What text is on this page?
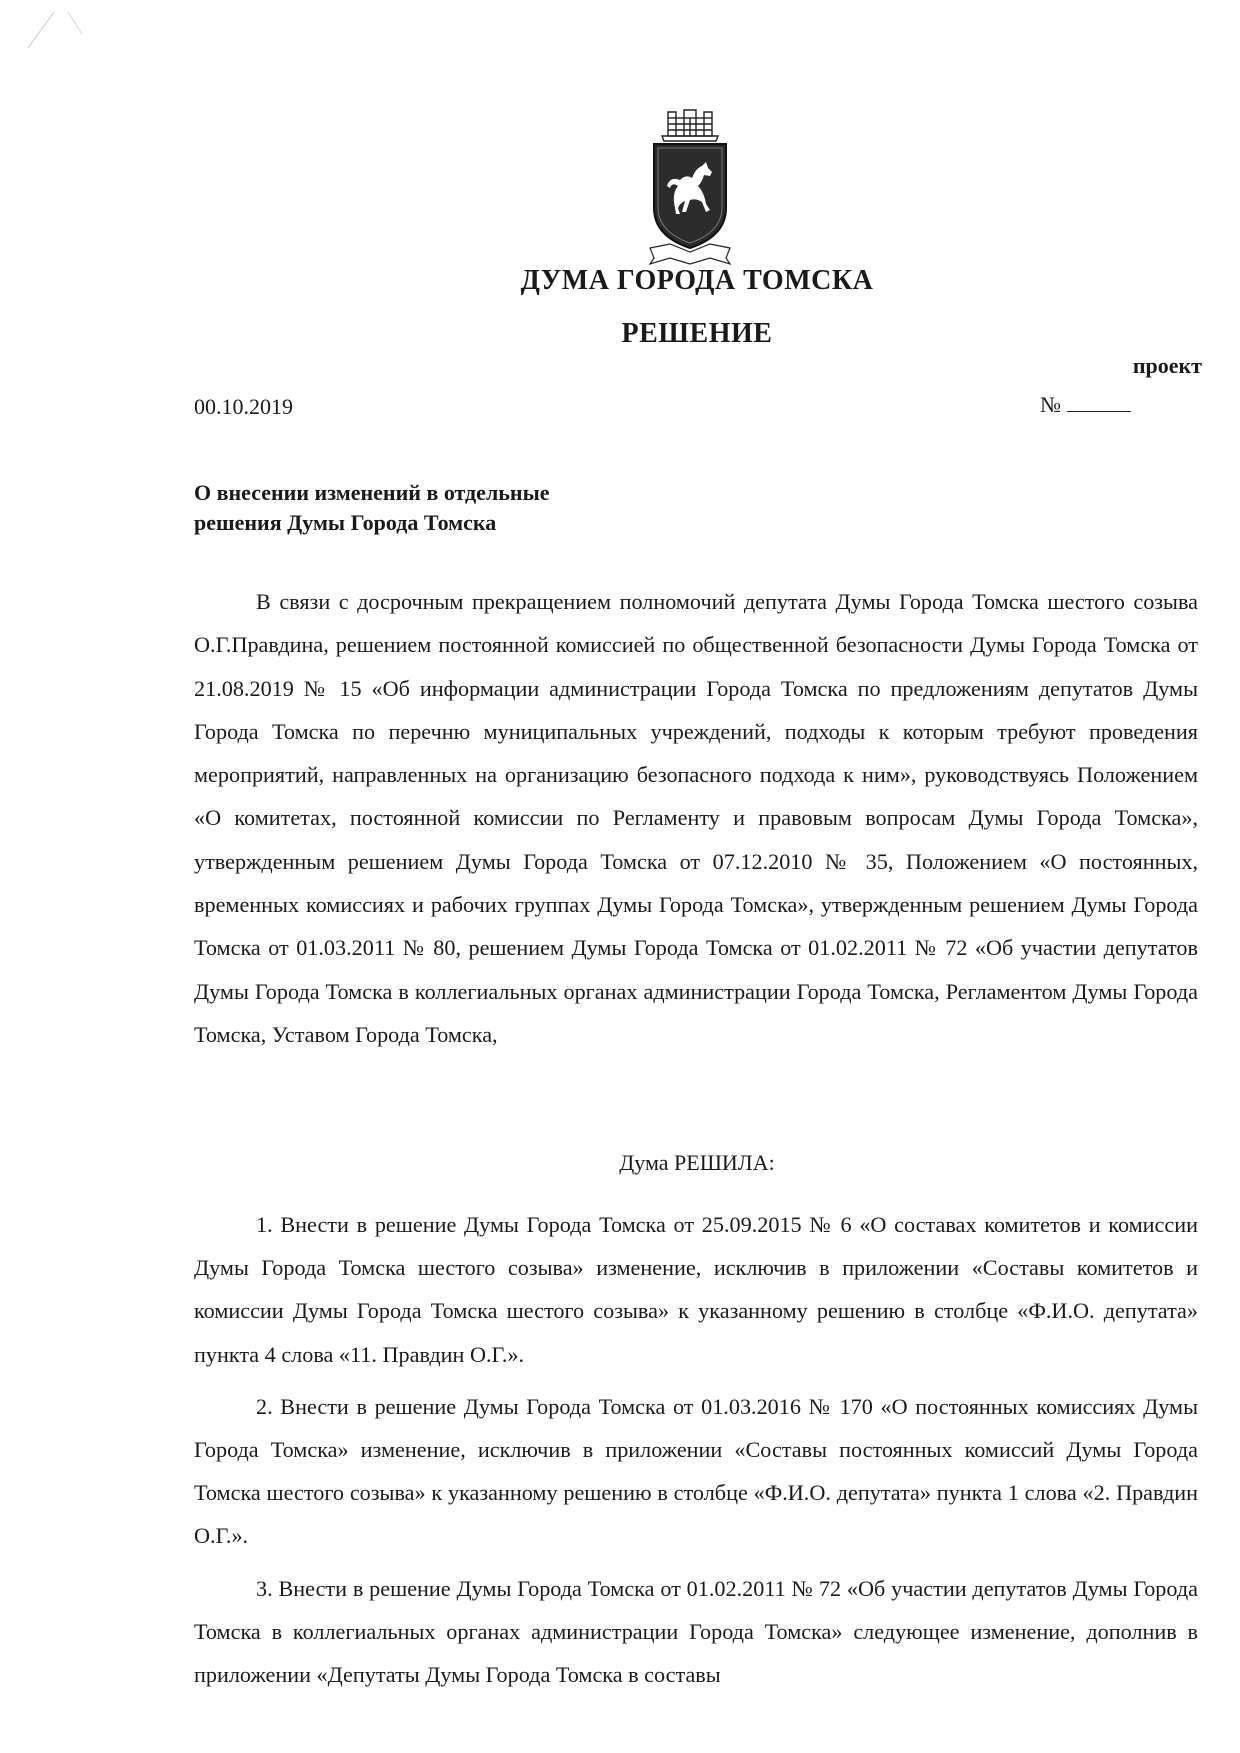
ДУМА ГОРОДА ТОМСКА
РЕШЕНИЕ
проект
00.10.2019	№
О внесении изменений в отдельные
решения Думы Города Томска

В связи с досрочным прекращением полномочий депутата Думы Города Томска шестого созыва О.Г.Правдина, решением постоянной комиссией по общественной безопасности Думы Города Томска от 21.08.2019 № 15 «Об информации администрации Города Томска по предложениям депутатов Думы Города Томска по перечню муниципальных учреждений, подходы к которым требуют проведения мероприятий, направленных на организацию безопасного подхода к ним», руководствуясь Положением «О комитетах, постоянной комиссии по Регламенту и правовым вопросам Думы Города Томска», утвержденным решением Думы Города Томска от 07.12.2010 № 35, Положением «О постоянных, временных комиссиях и рабочих группах Думы Города Томска», утвержденным решением Думы Города Томска от 01.03.2011 № 80, решением Думы Города Томска от 01.02.2011 № 72 «Об участии депутатов Думы Города Томска в коллегиальных органах администрации Города Томска, Регламентом Думы Города Томска, Уставом Города Томска,

Дума РЕШИЛА:

1. Внести в решение Думы Города Томска от 25.09.2015 № 6 «О составах комитетов и комиссии Думы Города Томска шестого созыва» изменение, исключив в приложении «Составы комитетов и комиссии Думы Города Томска шестого созыва» к указанному решению в столбце «Ф.И.О. депутата» пункта 4 слова «11. Правдин О.Г.».

2. Внести в решение Думы Города Томска от 01.03.2016 № 170 «О постоянных комиссиях Думы Города Томска» изменение, исключив в приложении «Составы постоянных комиссий Думы Города Томска шестого созыва» к указанному решению в столбце «Ф.И.О. депутата» пункта 1 слова «2. Правдин О.Г.».

3. Внести в решение Думы Города Томска от 01.02.2011 № 72 «Об участии депутатов Думы Города Томска в коллегиальных органах администрации Города Томска» следующее изменение, дополнив в приложении «Депутаты Думы Города Томска в составы
